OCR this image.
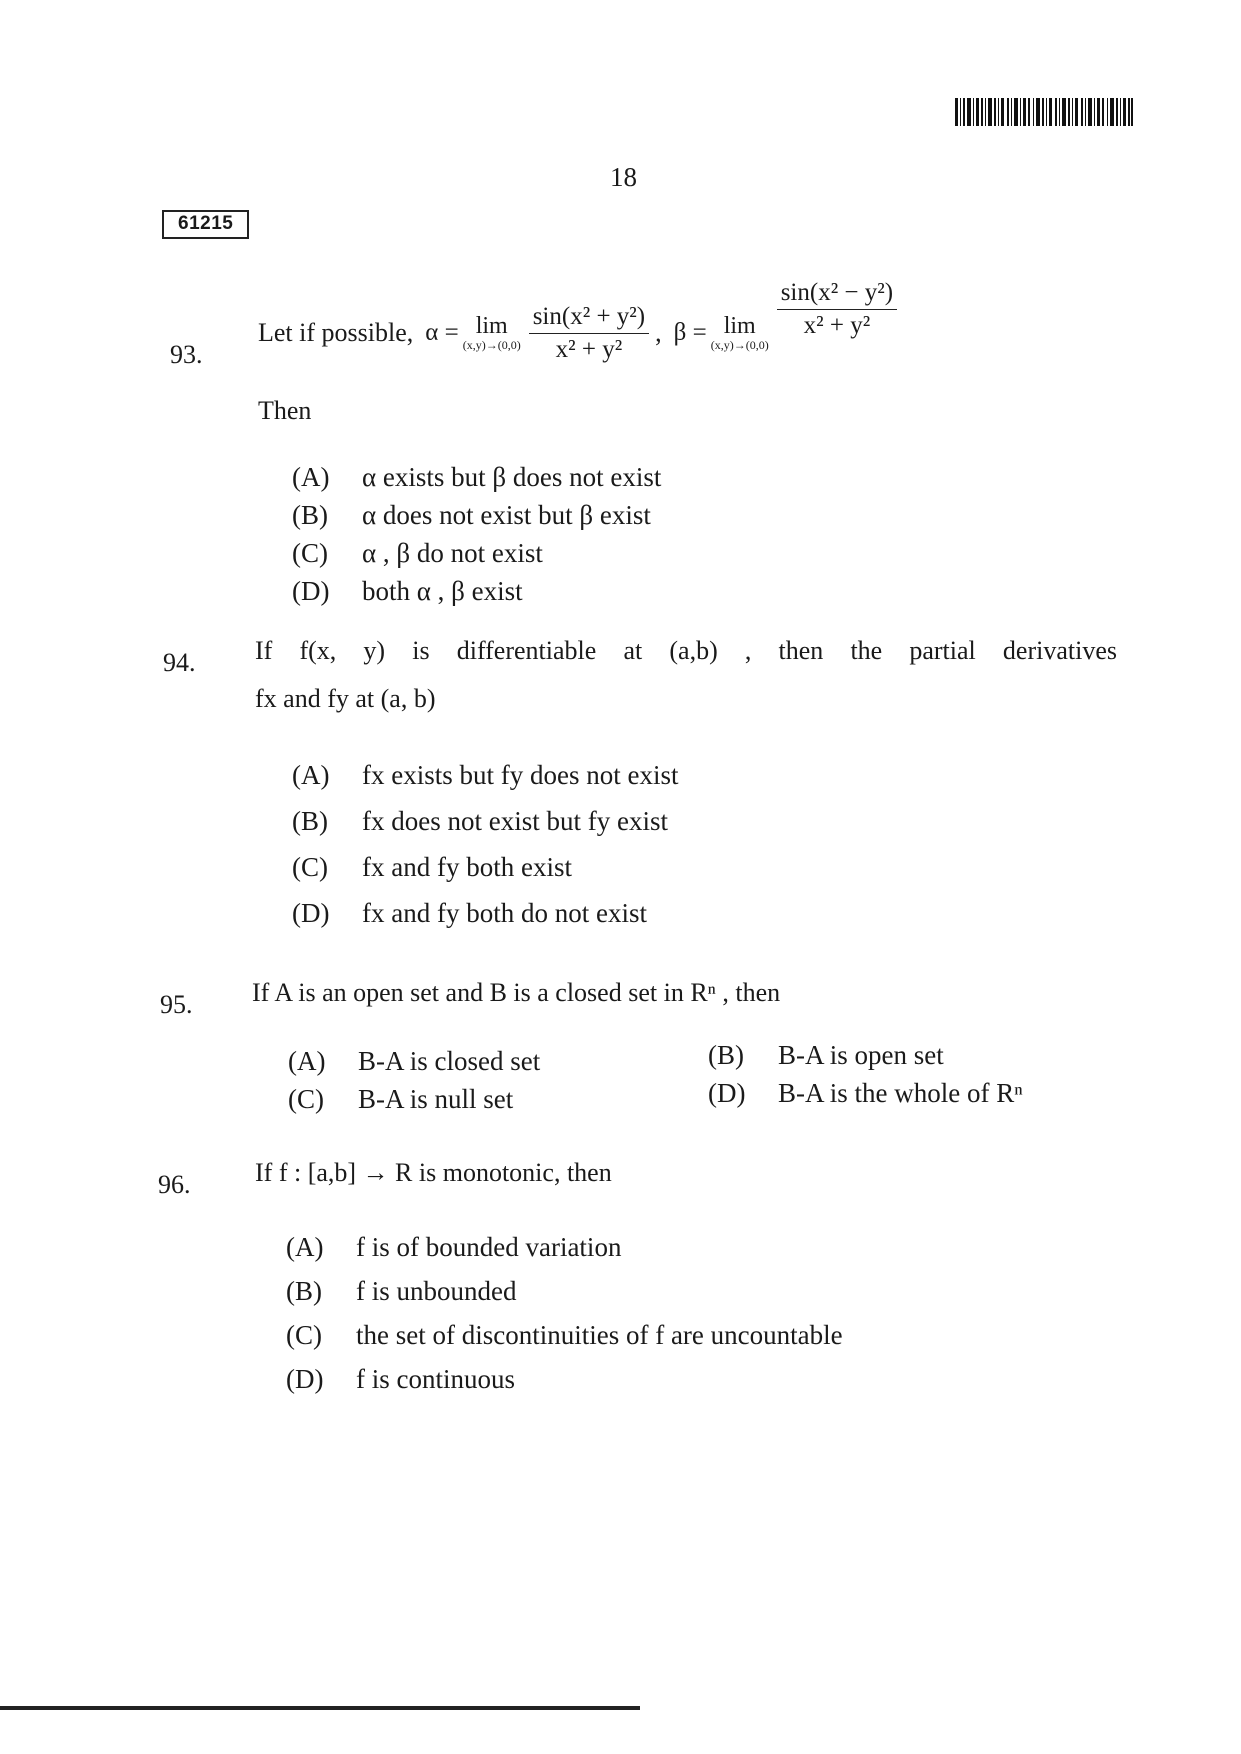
18
61215
93.
Let if possible, α = lim
$(x,y)\to(0,0) \frac{\text{sin(x² + y²)}}{\text{x² + y²}}$ , β = lim
(x,y)→(0,0)
$\frac{\text{sin(x² − y²)}}{\text{x² + y²}}$
Then
(A) α exists but β does not exist
(B) α does not exist but β exist
(C) α , β do not exist
(D) both α , β exist
94. If f(x, y) is differentiable at (a,b) , then the partial derivatives
fx and fy at (a, b)
(A) fx exists but fy does not exist
(B) fx does not exist but fy exist
(C) fx and fy both exist
(D) fx and fy both do not exist
95. If A is an open set and B is a closed set in Rⁿ , then
(A) B-A is closed set	(B) B-A is open set
(C) B-A is null set	(D) B-A is the whole of Rⁿ
96. If f : [a,b] → R is monotonic, then
(A) f is of bounded variation
(B) f is unbounded
(C) the set of discontinuities of f are uncountable
(D) f is continuous
